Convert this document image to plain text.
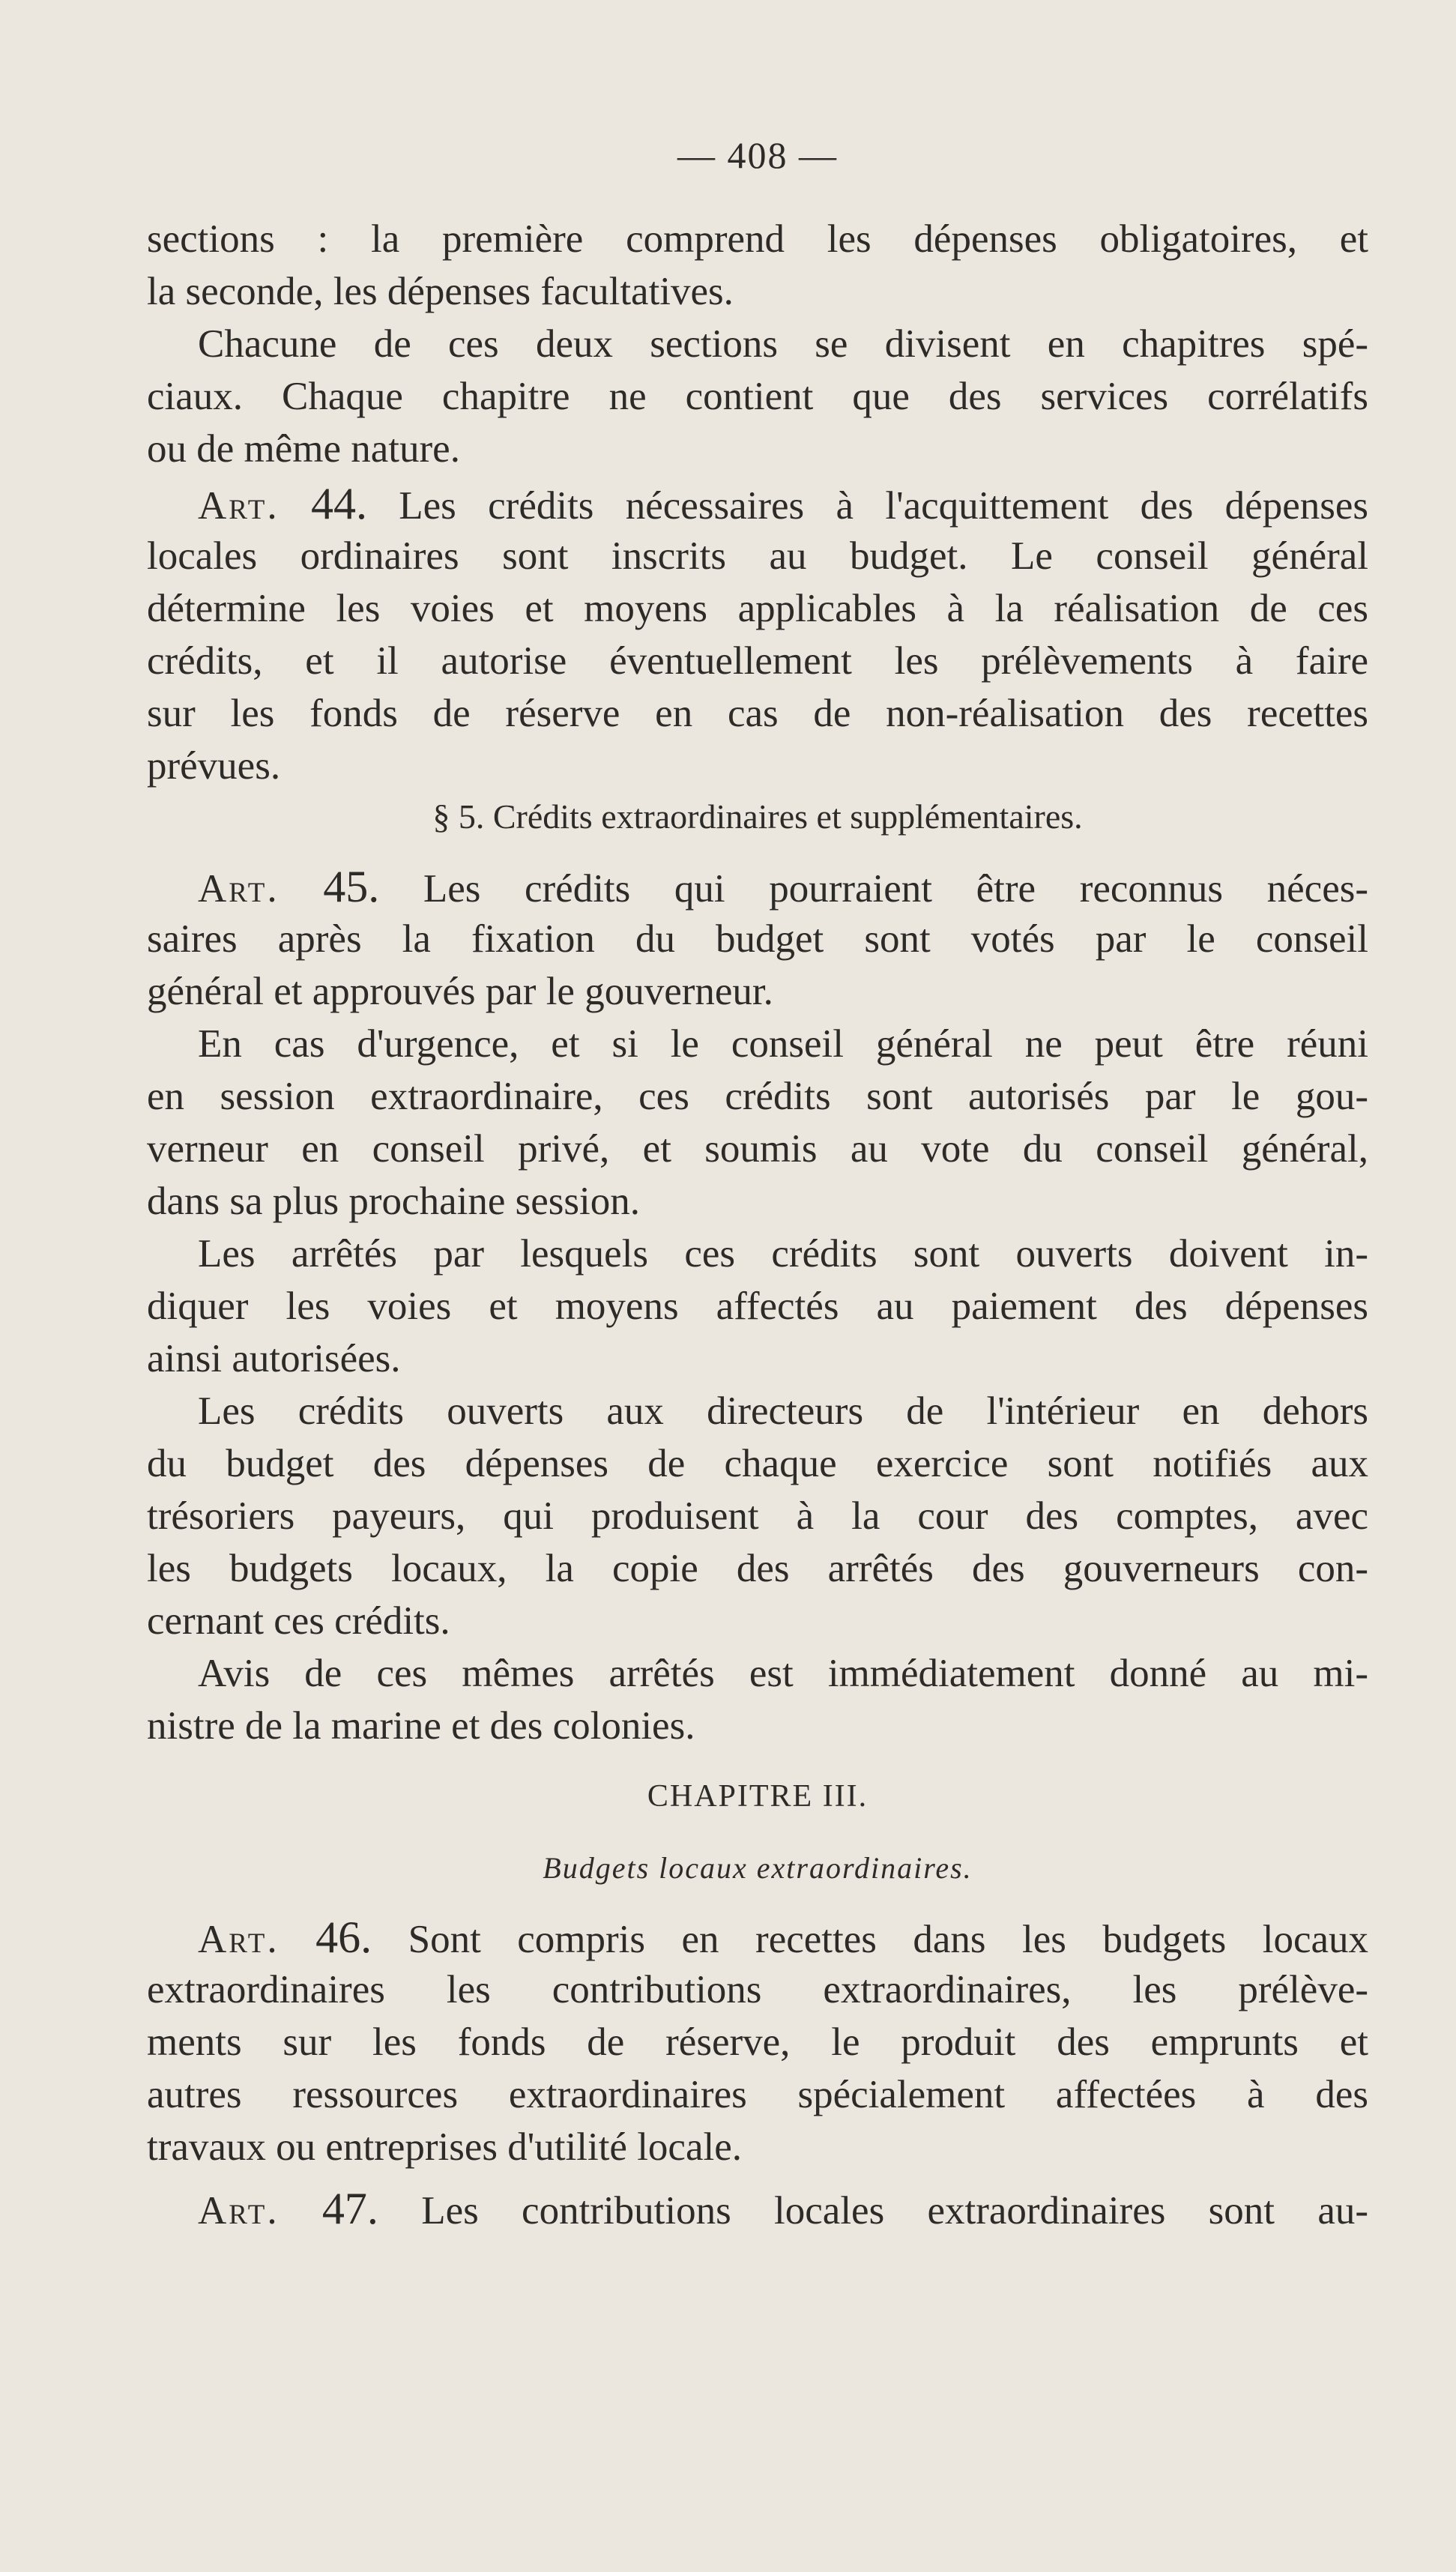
— 408 —
sections : la première comprend les dépenses obligatoires, et
la seconde, les dépenses facultatives.
Chacune de ces deux sections se divisent en chapitres spé-
ciaux. Chaque chapitre ne contient que des services corrélatifs
ou de même nature.
Art. 44. Les crédits nécessaires à l'acquittement des dépenses
locales ordinaires sont inscrits au budget. Le conseil général
détermine les voies et moyens applicables à la réalisation de ces
crédits, et il autorise éventuellement les prélèvements à faire
sur les fonds de réserve en cas de non-réalisation des recettes
prévues.
§ 5. Crédits extraordinaires et supplémentaires.
Art. 45. Les crédits qui pourraient être reconnus néces-
saires après la fixation du budget sont votés par le conseil
général et approuvés par le gouverneur.
En cas d'urgence, et si le conseil général ne peut être réuni
en session extraordinaire, ces crédits sont autorisés par le gou-
verneur en conseil privé, et soumis au vote du conseil général,
dans sa plus prochaine session.
Les arrêtés par lesquels ces crédits sont ouverts doivent in-
diquer les voies et moyens affectés au paiement des dépenses
ainsi autorisées.
Les crédits ouverts aux directeurs de l'intérieur en dehors
du budget des dépenses de chaque exercice sont notifiés aux
trésoriers payeurs, qui produisent à la cour des comptes, avec
les budgets locaux, la copie des arrêtés des gouverneurs con-
cernant ces crédits.
Avis de ces mêmes arrêtés est immédiatement donné au mi-
nistre de la marine et des colonies.
CHAPITRE III.
Budgets locaux extraordinaires.
Art. 46. Sont compris en recettes dans les budgets locaux
extraordinaires les contributions extraordinaires, les prélève-
ments sur les fonds de réserve, le produit des emprunts et
autres ressources extraordinaires spécialement affectées à des
travaux ou entreprises d'utilité locale.
Art. 47. Les contributions locales extraordinaires sont au-
